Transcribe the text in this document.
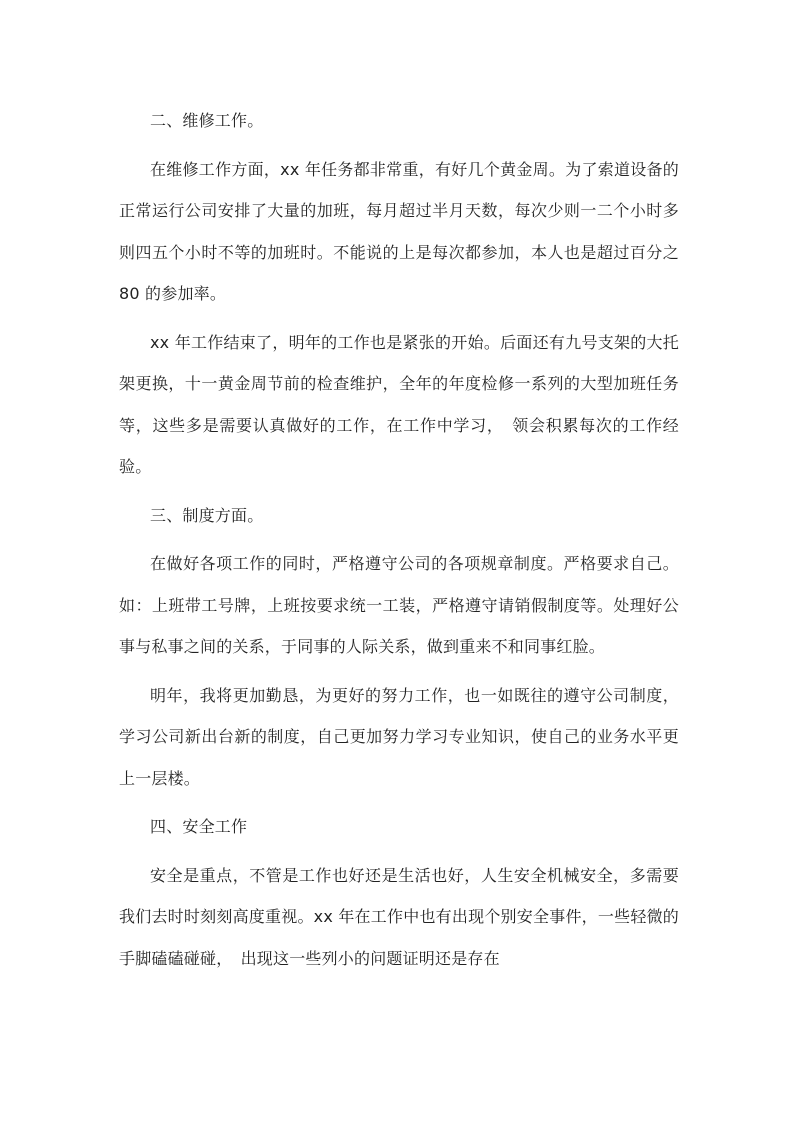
二、维修工作。

在维修工作方面，xx 年任务都非常重，有好几个黄金周。为了索道设备的正常运行公司安排了大量的加班，每月超过半月天数，每次少则一二个小时多则四五个小时不等的加班时。不能说的上是每次都参加，本人也是超过百分之 80 的参加率。

xx 年工作结束了，明年的工作也是紧张的开始。后面还有九号支架的大托架更换，十一黄金周节前的检查维护，全年的年度检修一系列的大型加班任务等，这些多是需要认真做好的工作，在工作中学习，　领会积累每次的工作经验。

三、制度方面。

在做好各项工作的同时，严格遵守公司的各项规章制度。严格要求自己。如：上班带工号牌，上班按要求统一工装，严格遵守请销假制度等。处理好公事与私事之间的关系，于同事的人际关系，做到重来不和同事红脸。

明年，我将更加勤恳，为更好的努力工作，也一如既往的遵守公司制度，学习公司新出台新的制度，自己更加努力学习专业知识，使自己的业务水平更上一层楼。

四、安全工作

安全是重点，不管是工作也好还是生活也好，人生安全机械安全，多需要我们去时时刻刻高度重视。xx 年在工作中也有出现个别安全事件，一些轻微的手脚磕磕碰碰，　出现这一些列小的问题证明还是存在
